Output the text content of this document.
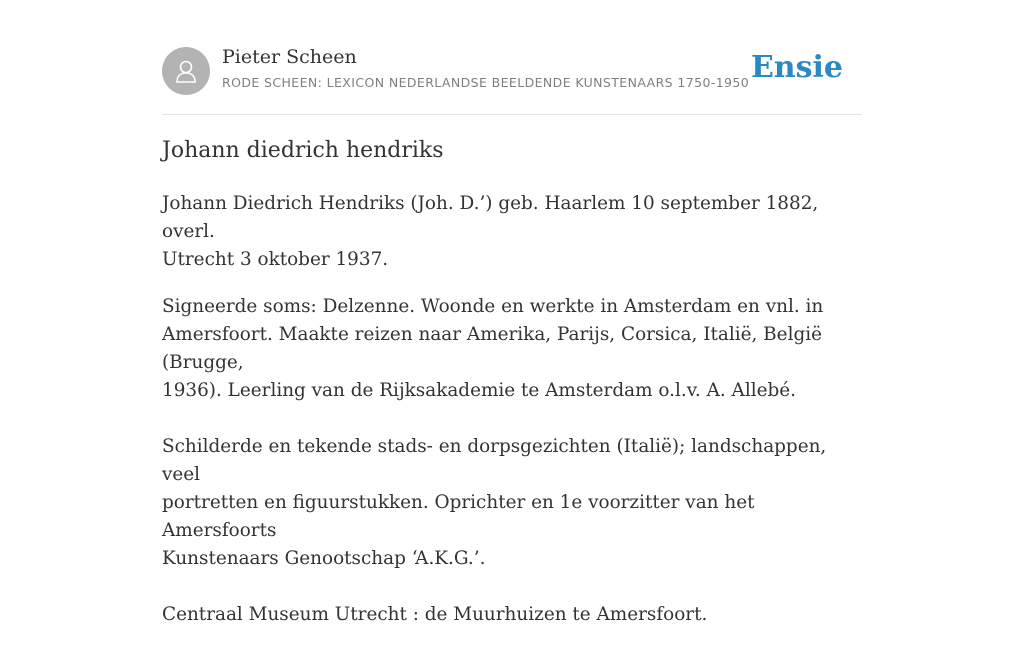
Pieter Scheen
RODE SCHEEN: LEXICON NEDERLANDSE BEELDENDE KUNSTENAARS 1750-1950 Ensie
Johann diedrich hendriks

Johann Diedrich Hendriks (Joh. D.’) geb. Haarlem 10 september 1882, overl.
Utrecht 3 oktober 1937.

Signeerde soms: Delzenne. Woonde en werkte in Amsterdam en vnl. in
Amersfoort. Maakte reizen naar Amerika, Parijs, Corsica, Italië, België (Brugge,
1936). Leerling van de Rijksakademie te Amsterdam o.l.v. A. Allebé.

Schilderde en tekende stads- en dorpsgezichten (Italië); landschappen, veel
portretten en figuurstukken. Oprichter en 1e voorzitter van het Amersfoorts
Kunstenaars Genootschap ‘A.K.G.’.

Centraal Museum Utrecht : de Muurhuizen te Amersfoort.
